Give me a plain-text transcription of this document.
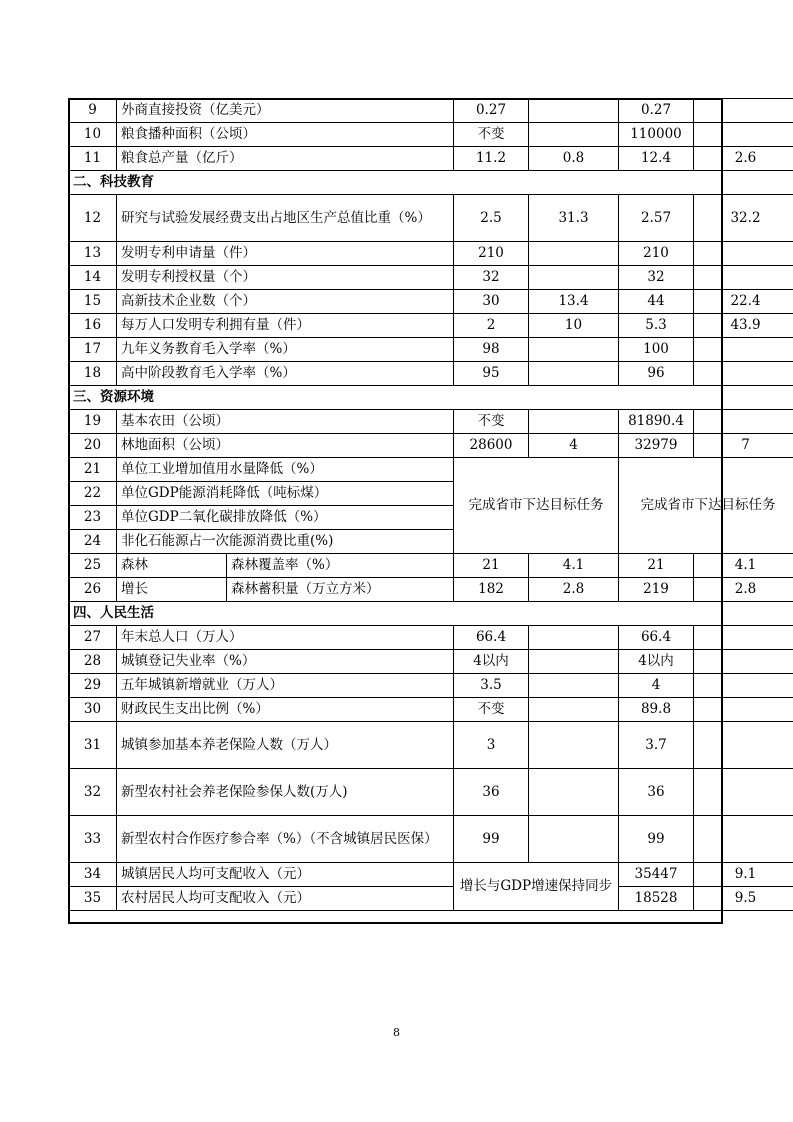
9	外商直接投资（亿美元）		0.27		0.27	
10	粮食播种面积（公顷）		不变		110000	
11	粮食总产量（亿斤）		11.2	0.8	12.4	2.6
二、科技教育						
12	研究与试验发展经费支出占地区生产总值比重（%）		2.5	31.3	2.57	32.2
13	发明专利申请量（件）		210		210	
14	发明专利授权量（个）		32		32	
15	高新技术企业数（个）		30	13.4	44	22.4
16	每万人口发明专利拥有量（件）		2	10	5.3	43.9
17	九年义务教育毛入学率（%）		98		100	
18	高中阶段教育毛入学率（%）		95		96	
三、资源环境						
19	基本农田（公顷）		不变		81890.4	
20	林地面积（公顷）		28600	4	32979	7
21	单位工业增加值用水量降低（%）		完成省市下达目标任务		完成省市下达目标任务	
22	单位GDP能源消耗降低（吨标煤）					
23	单位GDP二氧化碳排放降低（%）					
24	非化石能源占一次能源消费比重(%)					
25	森林	森林覆盖率（%）	21	4.1	21	4.1
26	增长	森林蓄积量（万立方米）	182	2.8	219	2.8
四、人民生活						
27	年末总人口（万人）		66.4		66.4	
28	城镇登记失业率（%）		4以内		4以内	
29	五年城镇新增就业（万人）		3.5		4	
30	财政民生支出比例（%）		不变		89.8	
31	城镇参加基本养老保险人数（万人）		3		3.7	
32	新型农村社会养老保险参保人数(万人)		36		36	
33	新型农村合作医疗参合率（%）（不含城镇居民医保）		99		99	
34	城镇居民人均可支配收入（元）		增长与GDP增速保持同步		35447	9.1
35	农村居民人均可支配收入（元）				18528	9.5
8
